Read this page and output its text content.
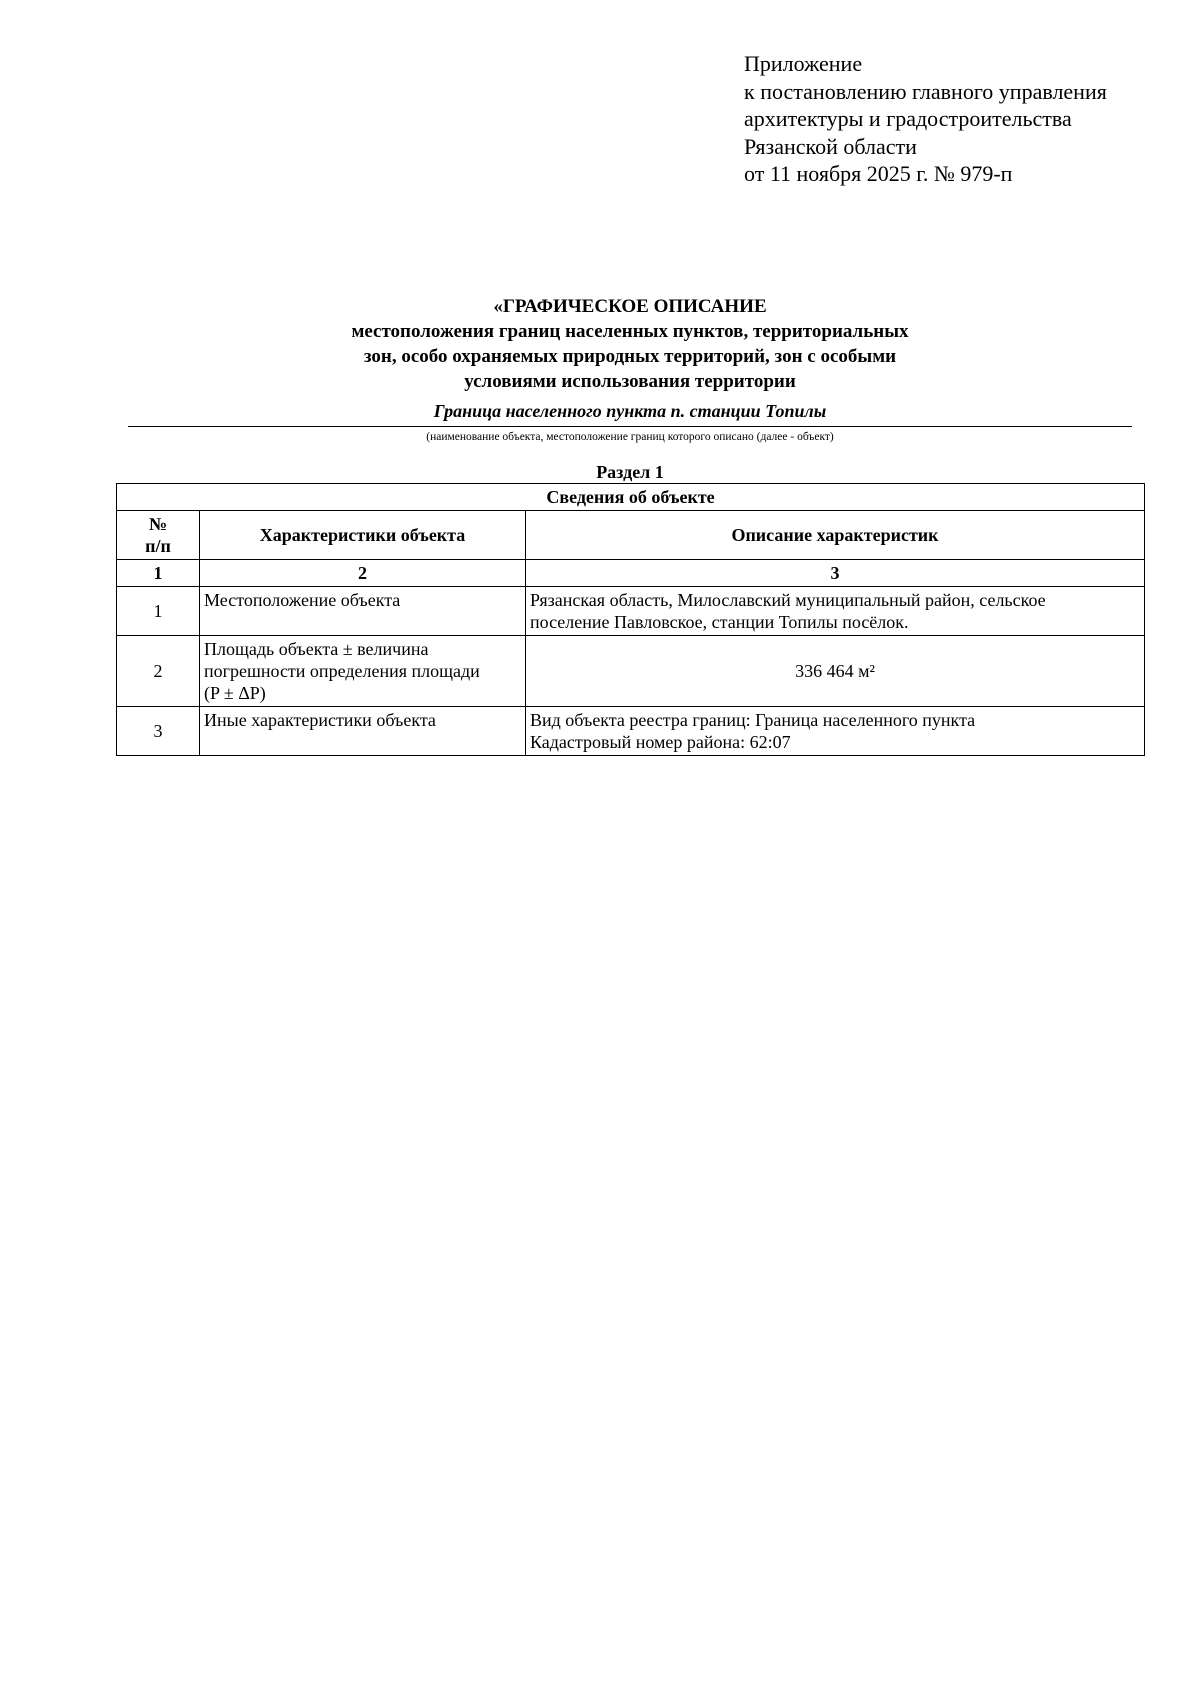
Приложение
к постановлению главного управления
архитектуры и градостроительства
Рязанской области
от 11 ноября 2025 г. № 979-п
«ГРАФИЧЕСКОЕ ОПИСАНИЕ
местоположения границ населенных пунктов, территориальных
зон, особо охраняемых природных территорий, зон с особыми
условиями использования территории
Граница населенного пункта п. станции Топилы
(наименование объекта, местоположение границ которого описано (далее - объект)
Раздел 1
Сведения об объекте		

№
п/п	Характеристики объекта	Описание характеристик
1	2	3
1	Местоположение объекта	Рязанская область, Милославский муниципальный район, сельское
поселение Павловское, станции Топилы посёлок.

2	Площадь объекта ± величина
погрешности определения площади
(P ± ΔP)	336 464 м²

3	Иные характеристики объекта	Вид объекта реестра границ: Граница населенного пункта
Кадастровый номер района: 62:07
